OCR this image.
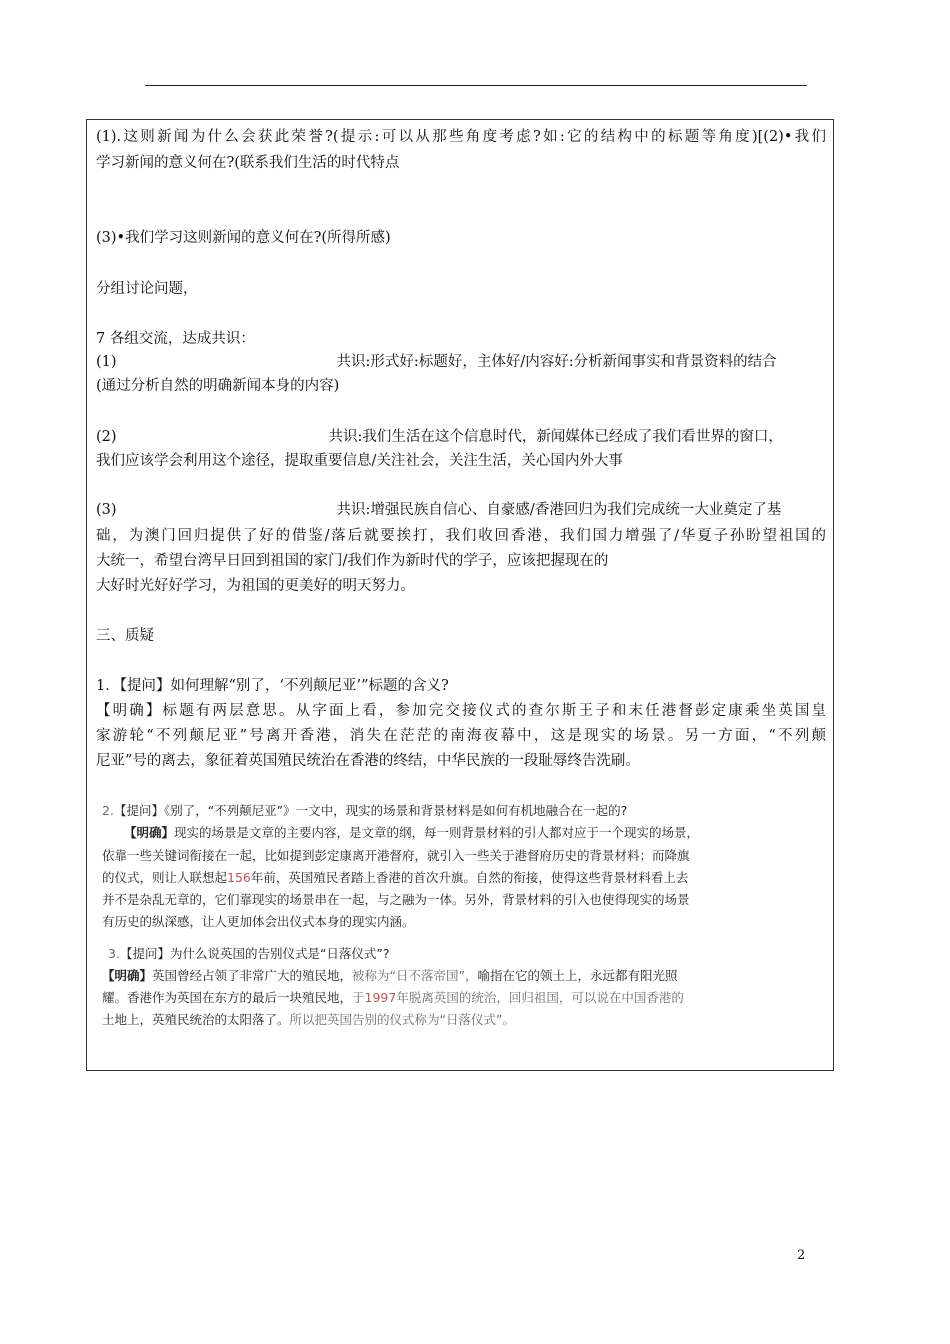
(1).这则新闻为什么会获此荣誉?(提示:可以从那些角度考虑?如:它的结构中的标题等角度)[(2)•我们
学习新闻的意义何在?(联系我们生活的时代特点
(3)•我们学习这则新闻的意义何在?(所得所感)
分组讨论问题，
7 各组交流，达成共识：
(1)	共识:形式好:标题好，主体好/内容好:分析新闻事实和背景资料的结合
(通过分析自然的明确新闻本身的内容)
(2)	共识:我们生活在这个信息时代，新闻媒体已经成了我们看世界的窗口，
我们应该学会利用这个途径，提取重要信息/关注社会，关注生活，关心国内外大事
(3)	共识:增强民族自信心、自豪感/香港回归为我们完成统一大业奠定了基
础，为澳门回归提供了好的借鉴/落后就要挨打，我们收回香港，我们国力增强了/华夏子孙盼望祖国的
大统一，希望台湾早日回到祖国的家门/我们作为新时代的学子，应该把握现在的
大好时光好好学习，为祖国的更美好的明天努力。
三、质疑
1．【提问】如何理解“别了，‘不列颠尼亚’”标题的含义?
【明确】标题有两层意思。从字面上看，参加完交接仪式的查尔斯王子和末任港督彭定康乘坐英国皇
家游轮“不列颠尼亚”号离开香港，消失在茫茫的南海夜幕中，这是现实的场景。另一方面，“不列颠
尼亚”号的离去，象征着英国殖民统治在香港的终结，中华民族的一段耻辱终告洗刷。
2.【提问】《别了，“不列颠尼亚”》一文中，现实的场景和背景材料是如何有机地融合在一起的?
【明确】现实的场景是文章的主要内容，是文章的纲，每一则背景材料的引人都对应于一个现实的场景，
依靠一些关键词衔接在一起，比如提到彭定康离开港督府，就引入一些关于港督府历史的背景材料；而降旗
的仪式，则让人联想起156年前，英国殖民者踏上香港的首次升旗。自然的衔接，使得这些背景材料看上去
并不是杂乱无章的，它们靠现实的场景串在一起，与之融为一体。另外，背景材料的引入也使得现实的场景
有历史的纵深感，让人更加体会出仪式本身的现实内涵。
3.【提问】为什么说英国的告别仪式是“日落仪式”?
【明确】英国曾经占领了非常广大的殖民地，被称为“日不落帝国”，喻指在它的领土上，永远都有阳光照
耀。香港作为英国在东方的最后一块殖民地，于1997年脱离英国的统治，回归祖国，可以说在中国香港的
土地上，英殖民统治的太阳落了。所以把英国告别的仪式称为“日落仪式”。
2
